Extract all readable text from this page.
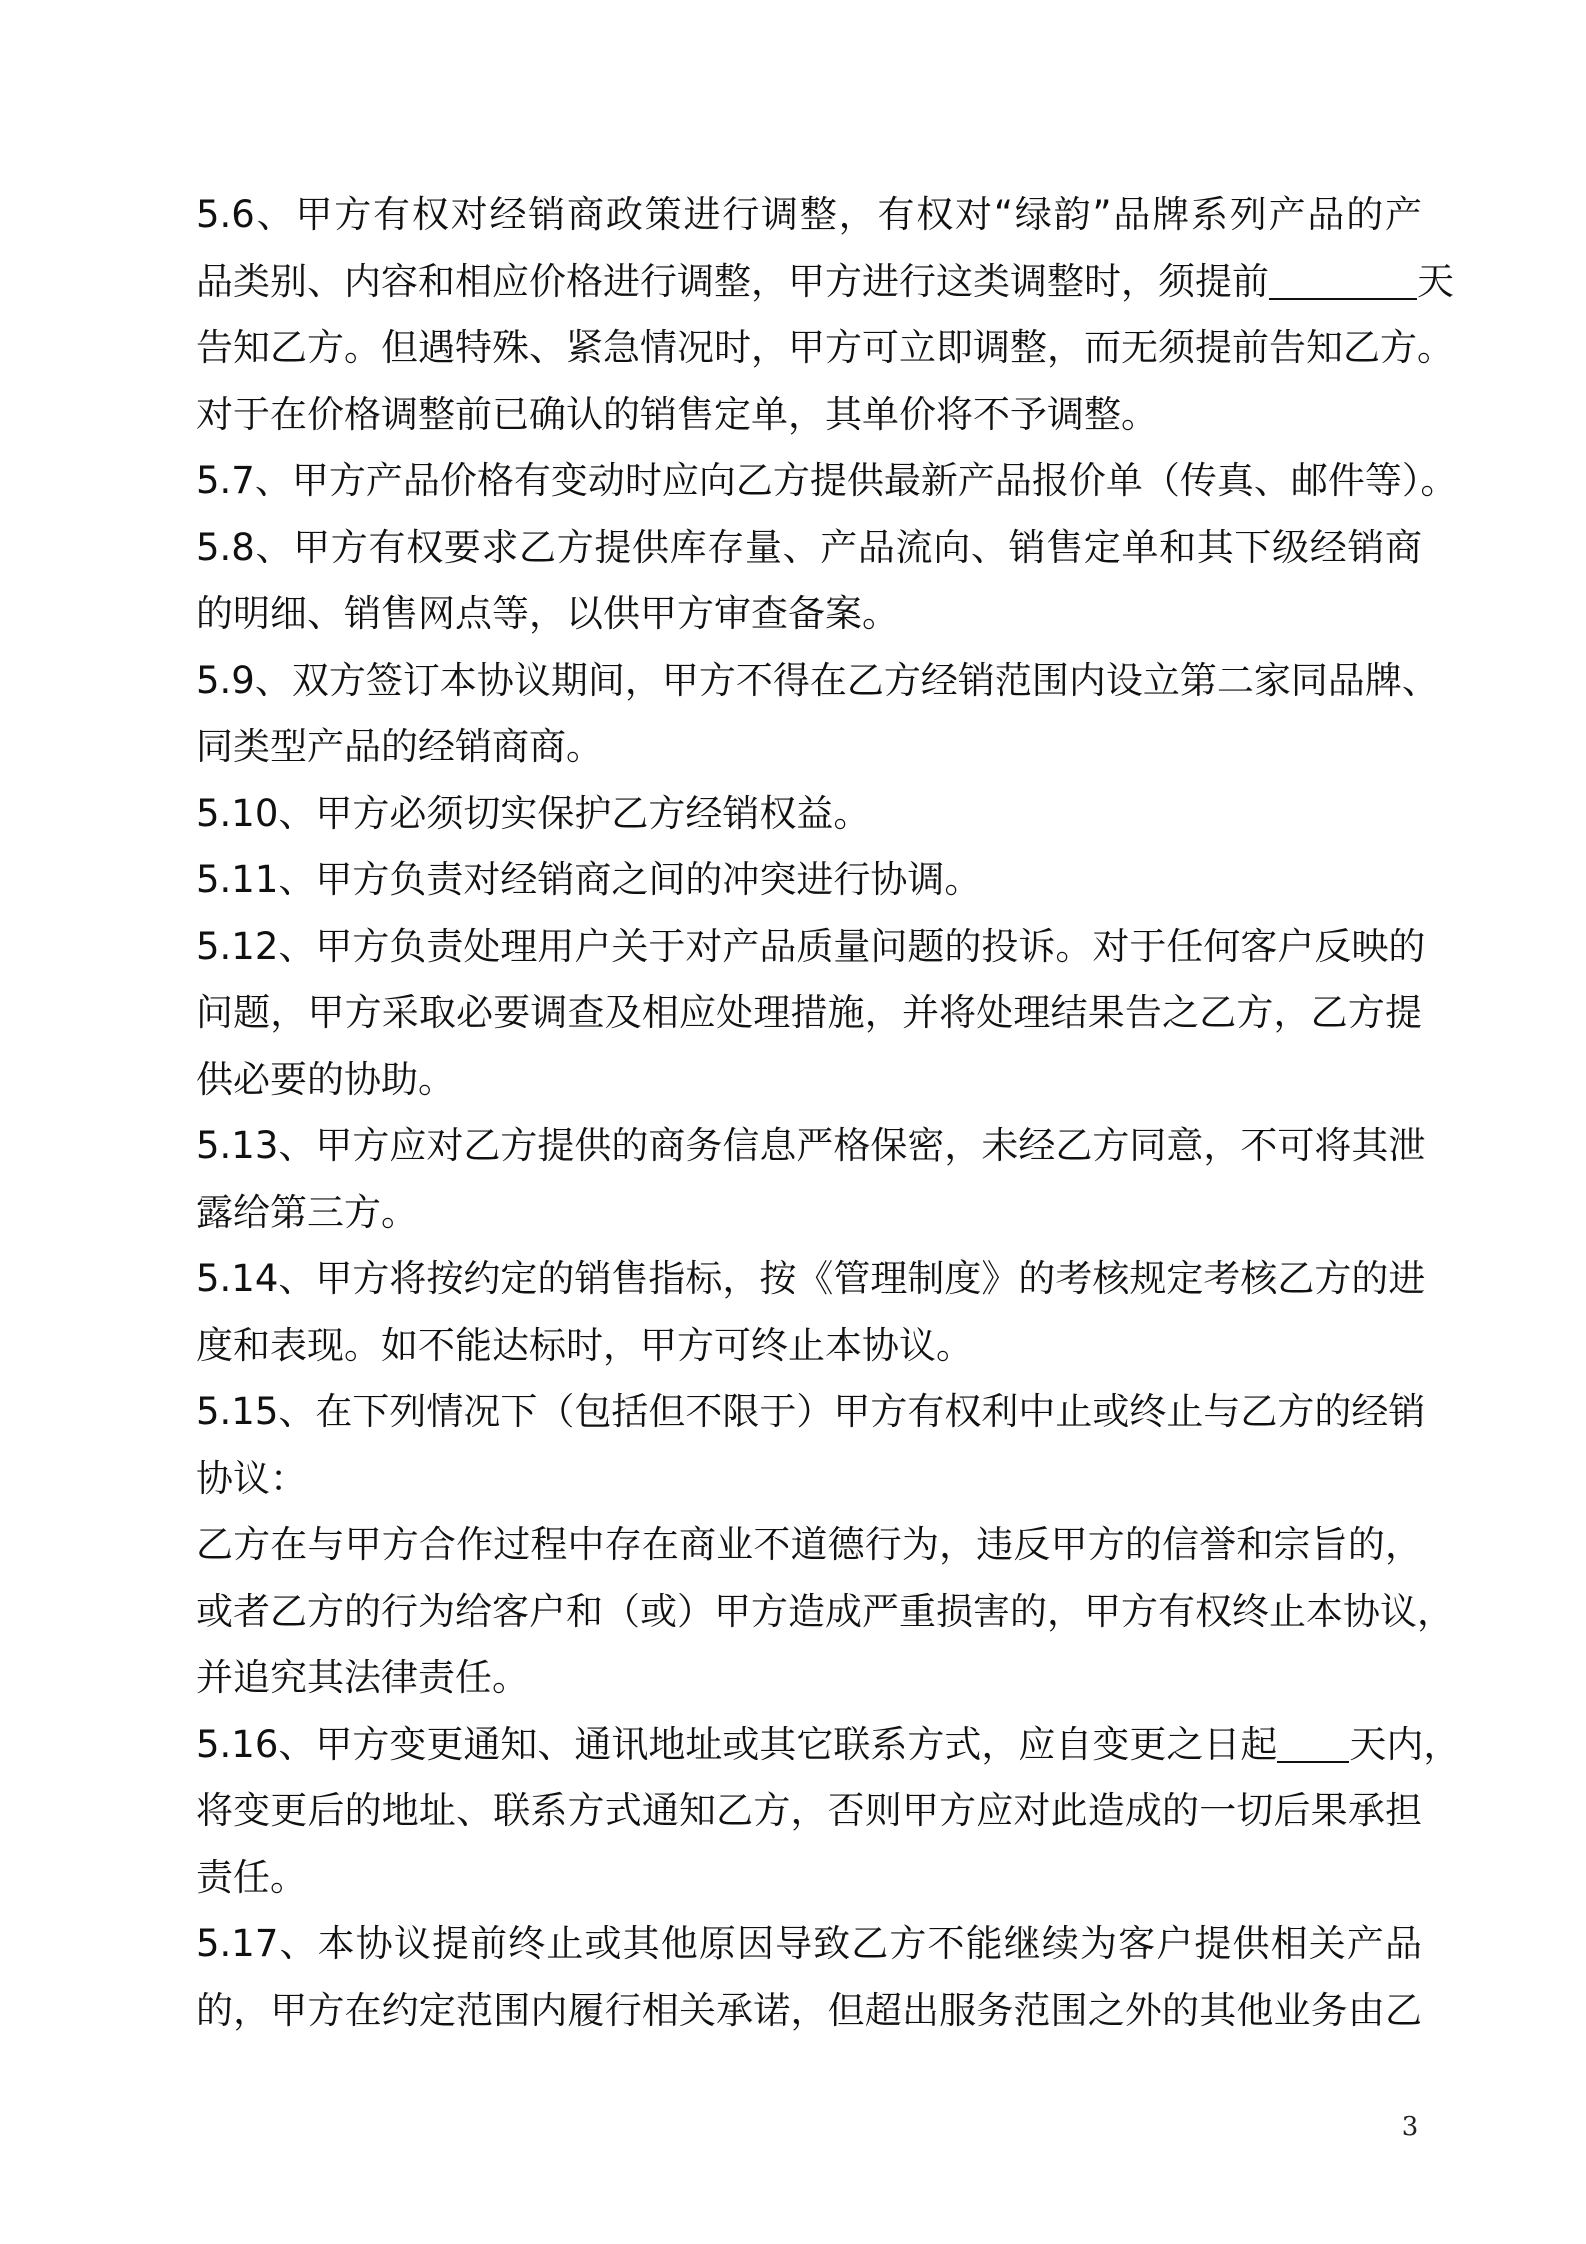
5.6、甲方有权对经销商政策进行调整，有权对“绿韵”品牌系列产品的产
品类别、内容和相应价格进行调整，甲方进行这类调整时，须提前	天
告知乙方。但遇特殊、紧急情况时，甲方可立即调整，而无须提前告知乙方。
对于在价格调整前已确认的销售定单，其单价将不予调整。
5.7、甲方产品价格有变动时应向乙方提供最新产品报价单（传真、邮件等）。
5.8、甲方有权要求乙方提供库存量、产品流向、销售定单和其下级经销商
的明细、销售网点等，以供甲方审查备案。
5.9、双方签订本协议期间，甲方不得在乙方经销范围内设立第二家同品牌、
同类型产品的经销商商。
5.10、甲方必须切实保护乙方经销权益。
5.11、甲方负责对经销商之间的冲突进行协调。
5.12、甲方负责处理用户关于对产品质量问题的投诉。对于任何客户反映的
问题，甲方采取必要调查及相应处理措施，并将处理结果告之乙方，乙方提
供必要的协助。
5.13、甲方应对乙方提供的商务信息严格保密，未经乙方同意，不可将其泄
露给第三方。
5.14、甲方将按约定的销售指标，按《管理制度》的考核规定考核乙方的进
度和表现。如不能达标时，甲方可终止本协议。
5.15、在下列情况下（包括但不限于）甲方有权利中止或终止与乙方的经销
协议：
乙方在与甲方合作过程中存在商业不道德行为，违反甲方的信誉和宗旨的，
或者乙方的行为给客户和（或）甲方造成严重损害的，甲方有权终止本协议，
并追究其法律责任。
5.16、甲方变更通知、通讯地址或其它联系方式，应自变更之日起 天内，
将变更后的地址、联系方式通知乙方，否则甲方应对此造成的一切后果承担
责任。
5.17、本协议提前终止或其他原因导致乙方不能继续为客户提供相关产品
的，甲方在约定范围内履行相关承诺，但超出服务范围之外的其他业务由乙
3
